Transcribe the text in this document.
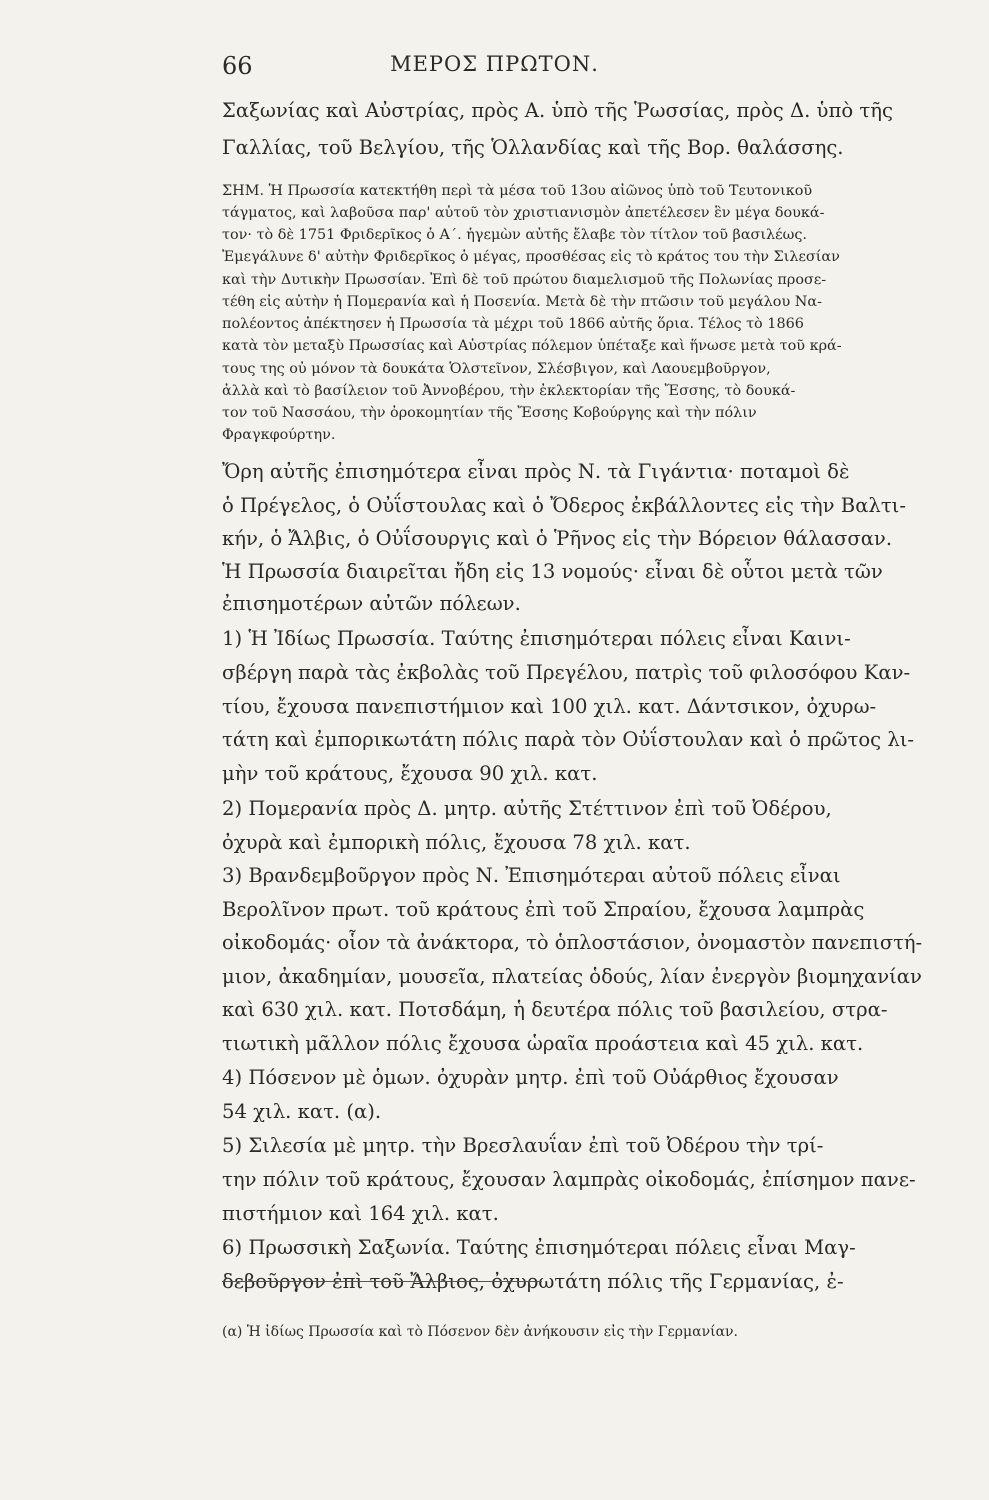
66	ΜΕΡΟΣ ΠΡΩΤΟΝ.
Σαξωνίας καὶ Αὐστρίας, πρὸς Α. ὑπὸ τῆς Ῥωσσίας, πρὸς Δ. ὑπὸ τῆς
Γαλλίας, τοῦ Βελγίου, τῆς Ὁλλανδίας καὶ τῆς Βορ. θαλάσσης.
ΣΗΜ. Ἡ Πρωσσία κατεκτήθη περὶ τὰ μέσα τοῦ 13ου αἰῶνος ὑπὸ τοῦ Τευτονικοῦ
τάγματος, καὶ λαβοῦσα παρ' αὐτοῦ τὸν χριστιανισμὸν ἀπετέλεσεν ἓν μέγα δουκά-
τον· τὸ δὲ 1751 Φριδερῖκος ὁ Α΄. ἡγεμὼν αὐτῆς ἔλαβε τὸν τίτλον τοῦ βασιλέως.
Ἐμεγάλυνε δ' αὐτὴν Φριδερῖκος ὁ μέγας, προσθέσας εἰς τὸ κράτος του τὴν Σιλεσίαν
καὶ τὴν Δυτικὴν Πρωσσίαν. Ἐπὶ δὲ τοῦ πρώτου διαμελισμοῦ τῆς Πολωνίας προσε-
τέθη εἰς αὐτὴν ἡ Πομερανία καὶ ἡ Ποσενία. Μετὰ δὲ τὴν πτῶσιν τοῦ μεγάλου Να-
πολέοντος ἀπέκτησεν ἡ Πρωσσία τὰ μέχρι τοῦ 1866 αὐτῆς ὅρια. Τέλος τὸ 1866
κατὰ τὸν μεταξὺ Πρωσσίας καὶ Αὐστρίας πόλεμον ὑπέταξε καὶ ἥνωσε μετὰ τοῦ κρά-
τους της οὐ μόνον τὰ δουκάτα Ὁλστεῖνον, Σλέσβιγον, καὶ Λαουεμβοῦργον,
ἀλλὰ καὶ τὸ βασίλειον τοῦ Ἀννοβέρου, τὴν ἐκλεκτορίαν τῆς Ἔσσης, τὸ δουκά-
τον τοῦ Νασσάου, τὴν ὀροκομητίαν τῆς Ἔσσης Κοβούργης καὶ τὴν πόλιν
Φραγκφούρτην.
Ὄρη αὐτῆς ἐπισημότερα εἶναι πρὸς Ν. τὰ Γιγάντια· ποταμοὶ δὲ
ὁ Πρέγελος, ὁ Οὐΐστουλας καὶ ὁ Ὄδερος ἐκβάλλοντες εἰς τὴν Βαλτι-
κήν, ὁ Ἄλβις, ὁ Οὐΐσουργις καὶ ὁ Ῥῆνος εἰς τὴν Βόρειον θάλασσαν.
Ἡ Πρωσσία διαιρεῖται ἤδη εἰς 13 νομούς· εἶναι δὲ οὗτοι μετὰ τῶν
ἐπισημοτέρων αὐτῶν πόλεων.
1) Ἡ Ἰδίως Πρωσσία. Ταύτης ἐπισημότεραι πόλεις εἶναι Καινι-
σβέργη παρὰ τὰς ἐκβολὰς τοῦ Πρεγέλου, πατρὶς τοῦ φιλοσόφου Καν-
τίου, ἔχουσα πανεπιστήμιον καὶ 100 χιλ. κατ. Δάντσικον, ὀχυρω-
τάτη καὶ ἐμπορικωτάτη πόλις παρὰ τὸν Οὐΐστουλαν καὶ ὁ πρῶτος λι-
μὴν τοῦ κράτους, ἔχουσα 90 χιλ. κατ.
2) Πομερανία πρὸς Δ. μητρ. αὐτῆς Στέττινον ἐπὶ τοῦ Ὀδέρου,
ὀχυρὰ καὶ ἐμπορικὴ πόλις, ἔχουσα 78 χιλ. κατ.
3) Βρανδεμβοῦργον πρὸς Ν. Ἐπισημότεραι αὐτοῦ πόλεις εἶναι
Βερολῖνον πρωτ. τοῦ κράτους ἐπὶ τοῦ Σπραίου, ἔχουσα λαμπρὰς
οἰκοδομάς· οἷον τὰ ἀνάκτορα, τὸ ὁπλοστάσιον, ὀνομαστὸν πανεπιστή-
μιον, ἀκαδημίαν, μουσεῖα, πλατείας ὁδούς, λίαν ἐνεργὸν βιομηχανίαν
καὶ 630 χιλ. κατ. Ποτσδάμη, ἡ δευτέρα πόλις τοῦ βασιλείου, στρα-
τιωτικὴ μᾶλλον πόλις ἔχουσα ὡραῖα προάστεια καὶ 45 χιλ. κατ.
4) Πόσενον μὲ ὁμων. ὀχυρὰν μητρ. ἐπὶ τοῦ Οὐάρθιος ἔχουσαν
54 χιλ. κατ. (α).
5) Σιλεσία μὲ μητρ. τὴν Βρεσλαυΐαν ἐπὶ τοῦ Ὀδέρου τὴν τρί-
την πόλιν τοῦ κράτους, ἔχουσαν λαμπρὰς οἰκοδομάς, ἐπίσημον πανε-
πιστήμιον καὶ 164 χιλ. κατ.
6) Πρωσσικὴ Σαξωνία. Ταύτης ἐπισημότεραι πόλεις εἶναι Μαγ-
δεβοῦργον ἐπὶ τοῦ Ἄλβιος, ὀχυρωτάτη πόλις τῆς Γερμανίας, ἐ-
(α) Ἡ ἰδίως Πρωσσία καὶ τὸ Πόσενον δὲν ἀνήκουσιν εἰς τὴν Γερμανίαν.
